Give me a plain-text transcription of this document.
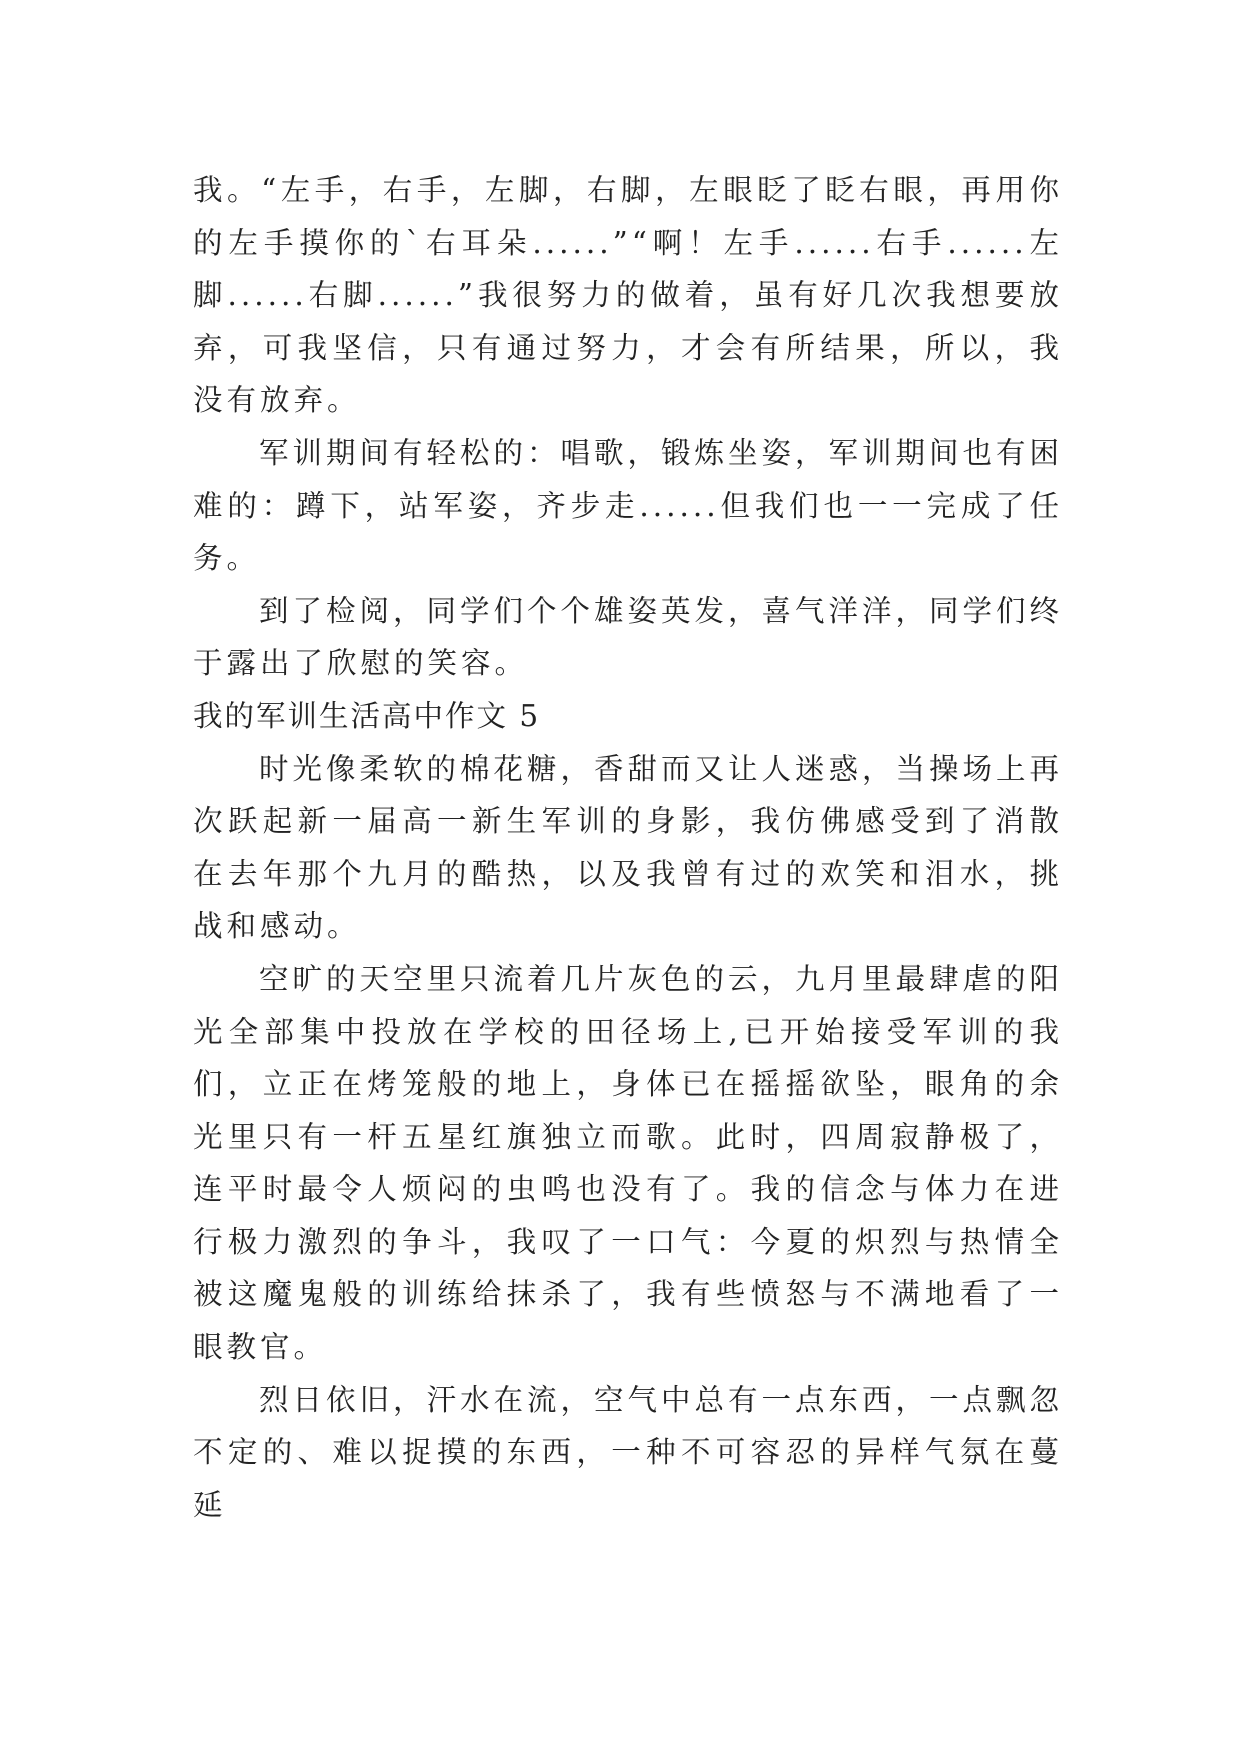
我。“左手，右手，左脚，右脚，左眼眨了眨右眼，再用你的左手摸你的`右耳朵......”“啊！左手......右手......左脚......右脚......”我很努力的做着，虽有好几次我想要放弃，可我坚信，只有通过努力，才会有所结果，所以，我没有放弃。

军训期间有轻松的：唱歌，锻炼坐姿，军训期间也有困难的：蹲下，站军姿，齐步走......但我们也一一完成了任务。

到了检阅，同学们个个雄姿英发，喜气洋洋，同学们终于露出了欣慰的笑容。

我的军训生活高中作文 5

时光像柔软的棉花糖，香甜而又让人迷惑，当操场上再次跃起新一届高一新生军训的身影，我仿佛感受到了消散在去年那个九月的酷热，以及我曾有过的欢笑和泪水，挑战和感动。

空旷的天空里只流着几片灰色的云，九月里最肆虐的阳光全部集中投放在学校的田径场上,已开始接受军训的我们，立正在烤笼般的地上，身体已在摇摇欲坠，眼角的余光里只有一杆五星红旗独立而歌。此时，四周寂静极了，连平时最令人烦闷的虫鸣也没有了。我的信念与体力在进行极力激烈的争斗，我叹了一口气：今夏的炽烈与热情全被这魔鬼般的训练给抹杀了，我有些愤怒与不满地看了一眼教官。

烈日依旧，汗水在流，空气中总有一点东西，一点飘忽不定的、难以捉摸的东西，一种不可容忍的异样气氛在蔓延
